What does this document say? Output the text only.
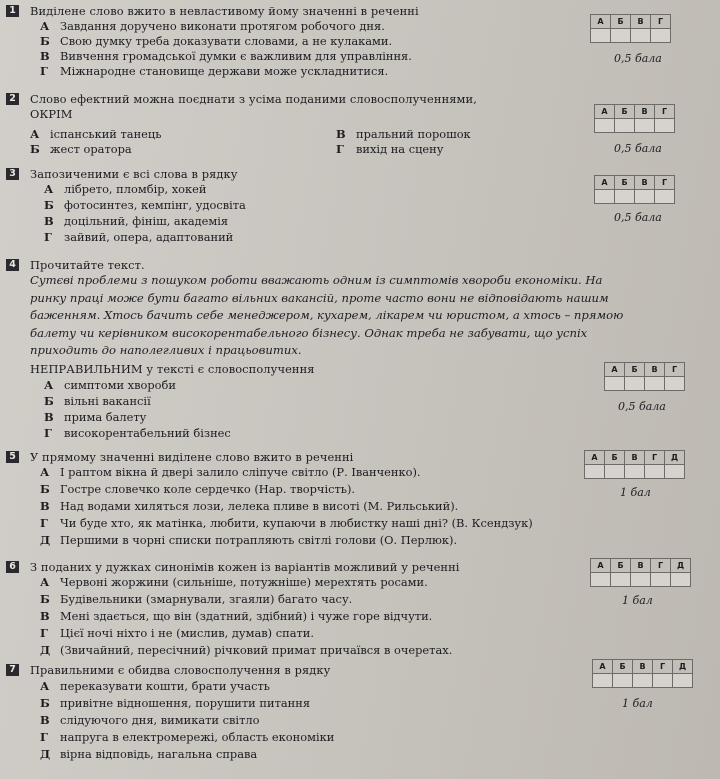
1 Виділене слово вжито в невластивому йому значенні в реченні
А Завдання доручено виконати протягом робочого дня.
Б Свою думку треба доказувати словами, а не кулаками.
В Вивчення громадської думки є важливим для управління.
Г Міжнародне становище держави може ускладнитися.
А	Б	В	Г

0,5 бала
2 Слово ефектний можна поєднати з усіма поданими словосполученнями,
ОКРІМ
А іспанський танець
Б жест оратора
В пральний порошок
Г вихід на сцену
А	Б	В	Г

0,5 бала
3 Запозиченими є всі слова в рядку
А лібрето, пломбір, хокей
Б фотосинтез, кемпінг, удосвіта
В доцільний, фініш, академія
Г зайвий, опера, адаптований
А	Б	В	Г

0,5 бала
4 Прочитайте текст.
Сутєві проблеми з пошуком роботи вважають одним із симптомів хвороби економіки. На
ринку праці може бути багато вільних вакансій, проте часто вони не відповідають нашим
баженням. Хтось бачить себе менеджером, кухарем, лікарем чи юристом, а хтось – прямою
балету чи керівником високорентабельного бізнесу. Однак треба не забувати, що успіх
приходить до наполегливих і працьовитих.
НЕПРАВИЛЬНИМ у тексті є словосполучення
А симптоми хвороби
Б вільні вакансії
В прима балету
Г високорентабельний бізнес
А	Б	В	Г

0,5 бала
5 У прямому значенні виділене слово вжито в реченні
А І раптом вікна й двері залило сліпуче світло (Р. Іванченко).
Б Гостре словечко коле сердечко (Нар. творчість).
В Над водами хиляться лози, лелека пливе в висоті (М. Рильський).
Г Чи буде хто, як матінка, любити, купаючи в любистку наші дні? (В. Ксендзук)
Д Першими в чорні списки потрапляють світлі голови (О. Перлюк).
А	Б	В	Г	Д

1 бал
6 З поданих у дужках синонімів кожен із варіантів можливий у реченні
А Червоні жоржини (сильніше, потужніше) мерехтять росами.
Б Будівельники (змарнували, згаяли) багато часу.
В Мені здається, що він (здатний, здібний) і чуже горе відчути.
Г Цієї ночі ніхто і не (мислив, думав) спати.
Д (Звичайний, пересічний) річковий примат причаївся в очеретах.
А	Б	В	Г	Д

1 бал
7 Правильними є обидва словосполучення в рядку
А переказувати кошти, брати участь
Б привітне відношення, порушити питання
В слідуючого дня, вимикати світло
Г напруга в електромережі, область економіки
Д вірна відповідь, нагальна справа
А	Б	В	Г	Д

1 бал
